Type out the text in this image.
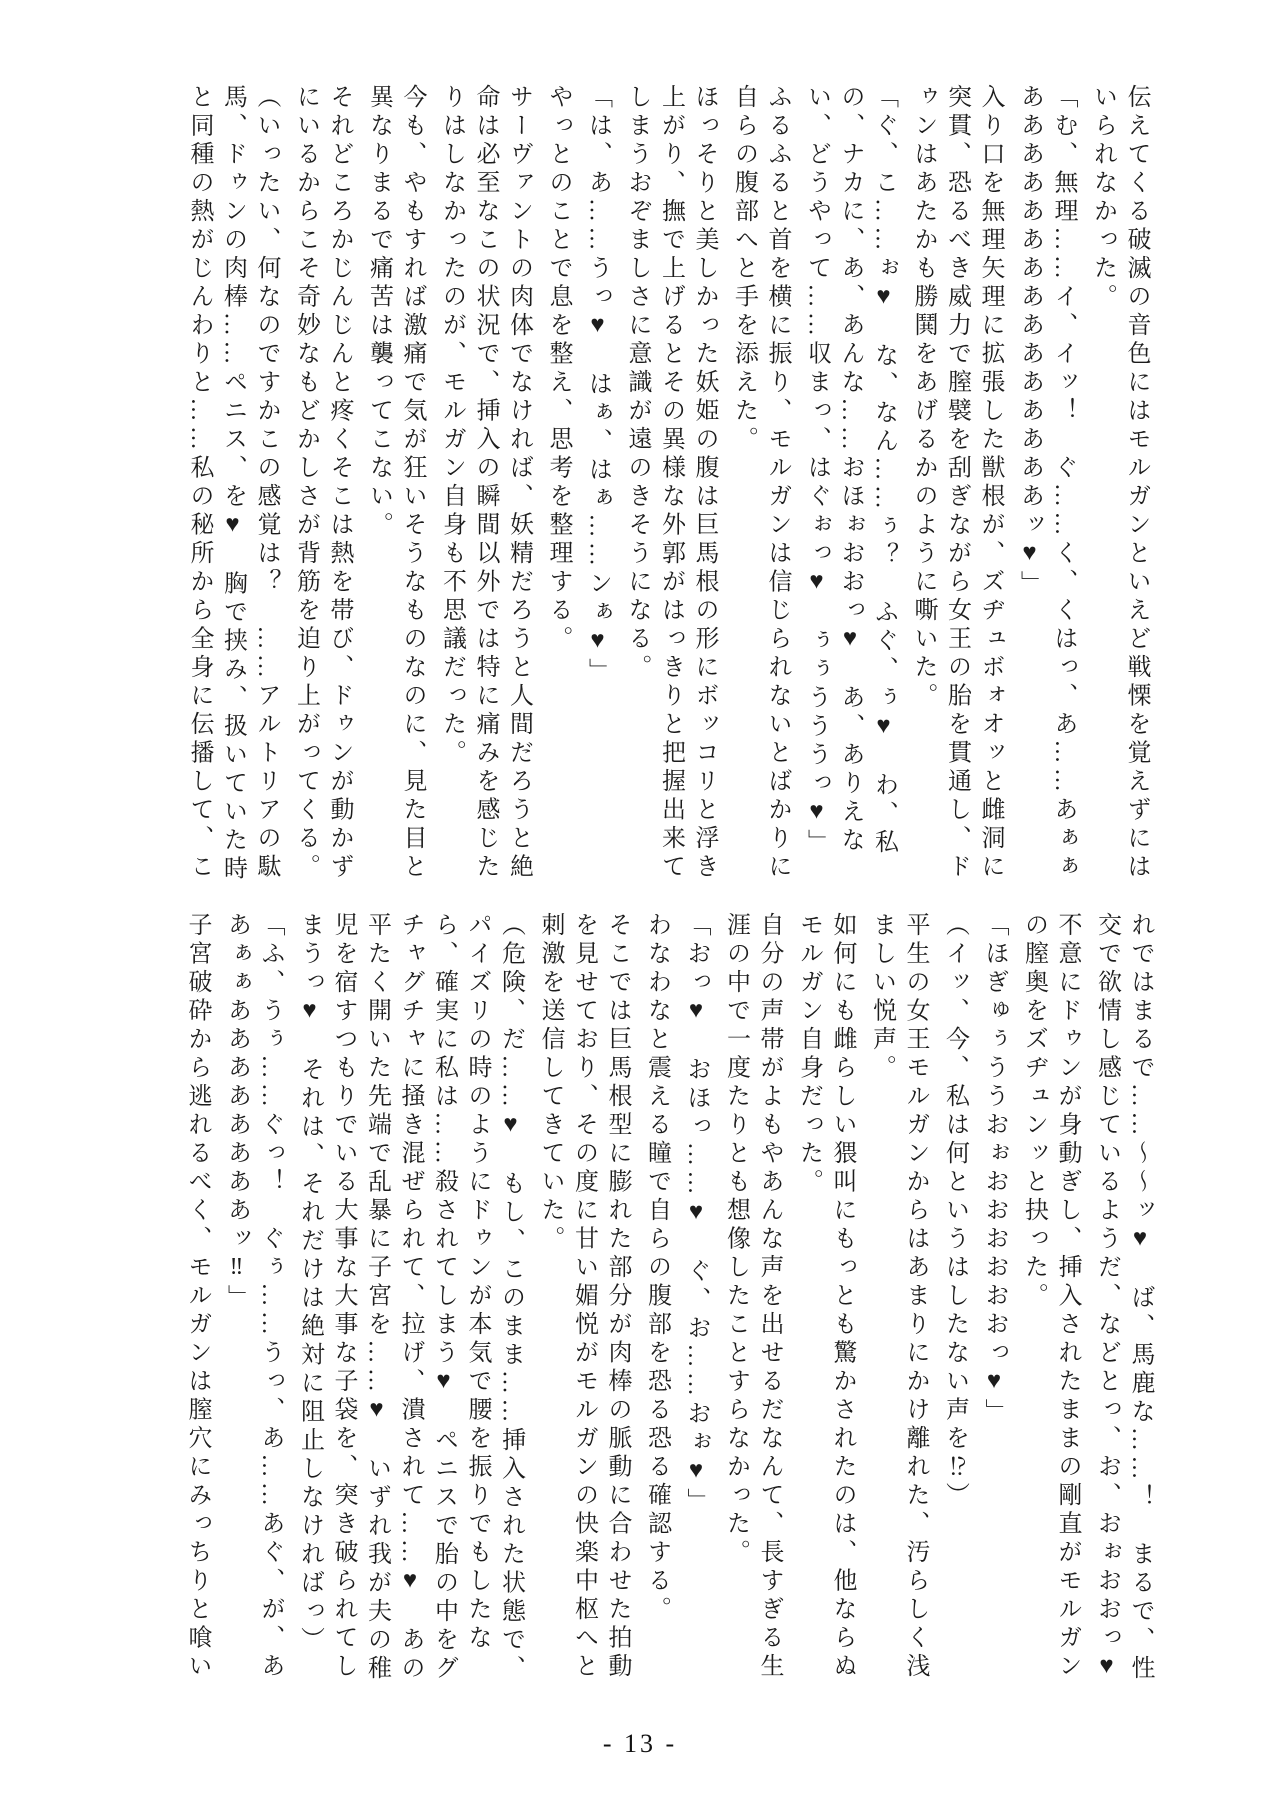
伝えてくる破滅の音色にはモルガンといえど戦慄を覚えずにはいられなかった。

「む、無理……イ、イッ！　ぐ……く、くはっ、あ……あぁぁあああああああああああああああッ♥」

入り口を無理矢理に拡張した獣根が、ズヂュボォオッと雌洞に突貫、恐るべき威力で膣襞を刮ぎながら女王の胎を貫通し、ドゥンはあたかも勝鬨をあげるかのように嘶いた。

「ぐ、こ……ぉ♥　な、なん……ぅ？　ふぐ、ぅ♥　わ、私の、ナカに、あ、あんな……おほぉおおっ♥　あ、ありえない、どうやって……収まっ、はぐぉっ♥　ぅぅうううっ♥」

ふるふると首を横に振り、モルガンは信じられないとばかりに自らの腹部へと手を添えた。

ほっそりと美しかった妖姫の腹は巨馬根の形にボッコリと浮き上がり、撫で上げるとその異様な外郭がはっきりと把握出来てしまうおぞましさに意識が遠のきそうになる。

「は、あ……うっ♥　はぁ、はぁ……ンぁ♥」

やっとのことで息を整え、思考を整理する。

サーヴァントの肉体でなければ、妖精だろうと人間だろうと絶命は必至なこの状況で、挿入の瞬間以外では特に痛みを感じたりはしなかったのが、モルガン自身も不思議だった。

今も、やもすれば激痛で気が狂いそうなものなのに、見た目と異なりまるで痛苦は襲ってこない。

それどころかじんじんと疼くそこは熱を帯び、ドゥンが動かずにいるからこそ奇妙なもどかしさが背筋を迫り上がってくる。

（いったい、何なのですかこの感覚は？　……アルトリアの駄馬、ドゥンの肉棒……ペニス、を♥　胸で挟み、扱いていた時と同種の熱がじんわりと……私の秘所から全身に伝播して、こ

れではまるで……～～ッ♥　ば、馬鹿な……！　まるで、性交で欲情し感じているようだ、などとっ、お、おぉおおっ♥

不意にドゥンが身動ぎし、挿入されたままの剛直がモルガンの膣奥をズヂュンッと抉った。

「ほぎゅぅううおぉおおおおおおっ♥」

（イッ、今、私は何というはしたない声を⁉）

平生の女王モルガンからはあまりにかけ離れた、汚らしく浅ましい悦声。

如何にも雌らしい猥叫にもっとも驚かされたのは、他ならぬモルガン自身だった。

自分の声帯がよもやあんな声を出せるだなんて、長すぎる生涯の中で一度たりとも想像したことすらなかった。

「おっ♥　おほっ……♥　ぐ、お……おぉ♥」

わなわなと震える瞳で自らの腹部を恐る恐る確認する。

そこでは巨馬根型に膨れた部分が肉棒の脈動に合わせた拍動を見せており、その度に甘い媚悦がモルガンの快楽中枢へと刺激を送信してきていた。

（危険、だ……♥　もし、このまま……挿入された状態で、パイズリの時のようにドゥンが本気で腰を振りでもしたなら、確実に私は……殺されてしまう♥　ペニスで胎の中をグチャグチャに掻き混ぜられて、拉げ、潰されて……♥　あの平たく開いた先端で乱暴に子宮を……♥　いずれ我が夫の稚児を宿すつもりでいる大事な大事な子袋を、突き破られてしまうっ♥　それは、それだけは絶対に阻止しなければっ）

「ふ、うぅ……ぐっ！　ぐぅ……うっ、あ……あぐ、が、ああぁぁああああああああッ‼」

子宮破砕から逃れるべく、モルガンは膣穴にみっちりと喰い

- 13 -
